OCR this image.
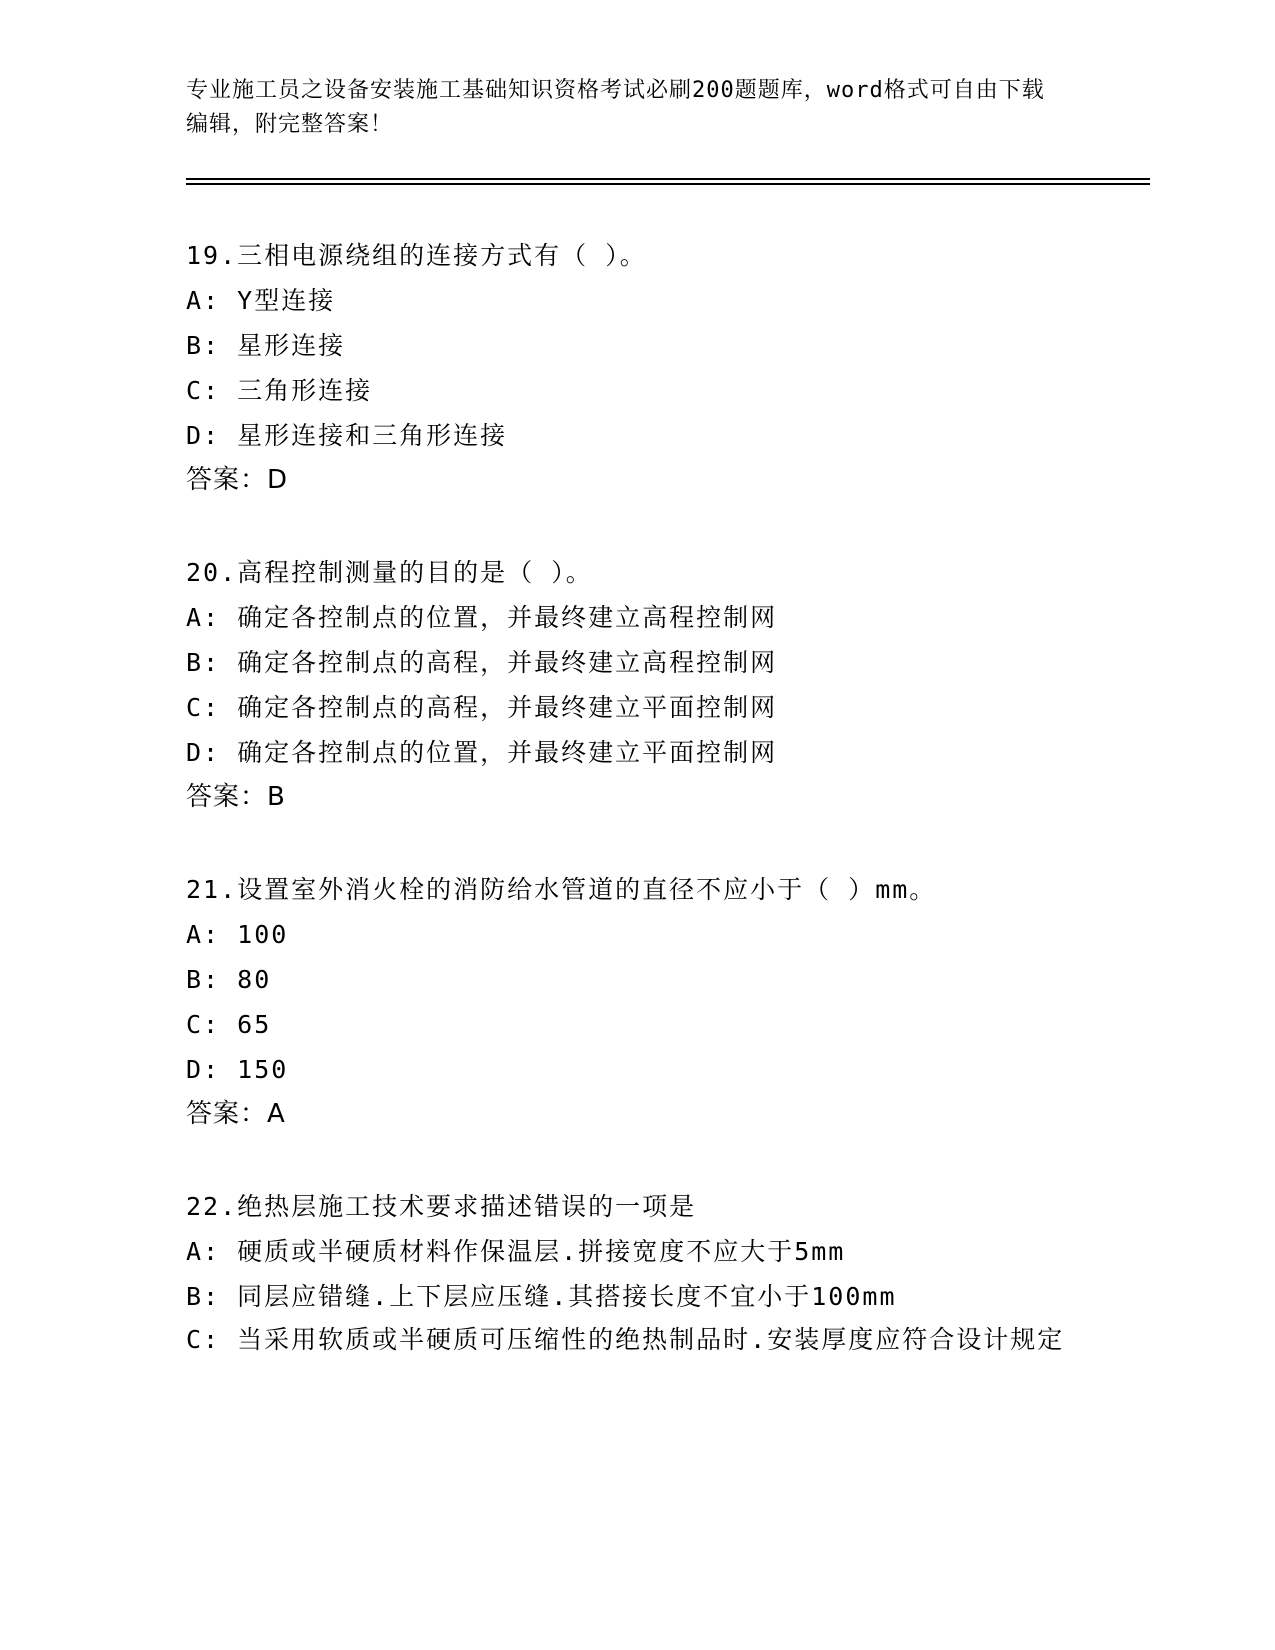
专业施工员之设备安装施工基础知识资格考试必刷200题题库，word格式可自由下载编辑，附完整答案！
19.三相电源绕组的连接方式有（ ）。
A: Y型连接
B: 星形连接
C: 三角形连接
D: 星形连接和三角形连接
答案：D
20.高程控制测量的目的是（ ）。
A: 确定各控制点的位置，并最终建立高程控制网
B: 确定各控制点的高程，并最终建立高程控制网
C: 确定各控制点的高程，并最终建立平面控制网
D: 确定各控制点的位置，并最终建立平面控制网
答案：B
21.设置室外消火栓的消防给水管道的直径不应小于（ ）mm。
A: 100
B: 80
C: 65
D: 150
答案：A
22.绝热层施工技术要求描述错误的一项是
A: 硬质或半硬质材料作保温层.拼接宽度不应大于5mm
B: 同层应错缝.上下层应压缝.其搭接长度不宜小于100mm
C: 当采用软质或半硬质可压缩性的绝热制品时.安装厚度应符合设计规定
